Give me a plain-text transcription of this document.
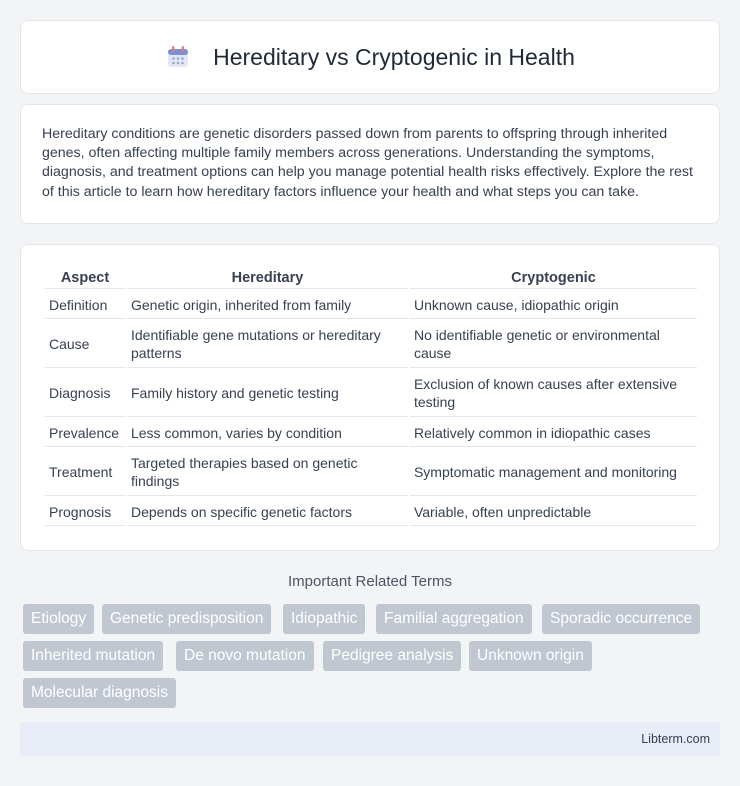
Hereditary vs Cryptogenic in Health

Hereditary conditions are genetic disorders passed down from parents to offspring through inherited genes, often affecting multiple family members across generations. Understanding the symptoms, diagnosis, and treatment options can help you manage potential health risks effectively. Explore the rest of this article to learn how hereditary factors influence your health and what steps you can take.

Aspect	Hereditary	Cryptogenic
Definition	Genetic origin, inherited from family	Unknown cause, idiopathic origin
Cause	Identifiable gene mutations or hereditary patterns	No identifiable genetic or environmental cause
Diagnosis	Family history and genetic testing	Exclusion of known causes after extensive testing
Prevalence	Less common, varies by condition	Relatively common in idiopathic cases
Treatment	Targeted therapies based on genetic findings	Symptomatic management and monitoring
Prognosis	Depends on specific genetic factors	Variable, often unpredictable
Important Related Terms
Etiology	Genetic predisposition	Idiopathic	Familial aggregation	Sporadic occurrence
Inherited mutation	De novo mutation	Pedigree analysis	Unknown origin
Molecular diagnosis
Libterm.com
